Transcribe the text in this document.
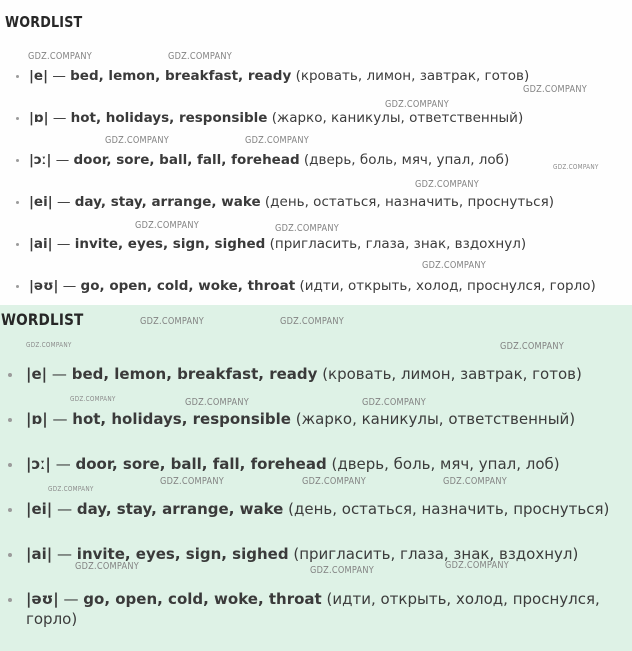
WORDLIST
|e| — bed, lemon, breakfast, ready (кровать, лимон, завтрак, готов)
|ɒ| — hot, holidays, responsible (жарко, каникулы, ответственный)
|ɔː| — door, sore, ball, fall, forehead (дверь, боль, мяч, упал, лоб)
|ei| — day, stay, arrange, wake (день, остаться, назначить, проснуться)
|ai| — invite, eyes, sign, sighed (пригласить, глаза, знак, вздохнул)
|əʊ| — go, open, cold, woke, throat (идти, открыть, холод, проснулся, горло)
WORDLIST
|e| — bed, lemon, breakfast, ready (кровать, лимон, завтрак, готов)
|ɒ| — hot, holidays, responsible (жарко, каникулы, ответственный)
|ɔː| — door, sore, ball, fall, forehead (дверь, боль, мяч, упал, лоб)
|ei| — day, stay, arrange, wake (день, остаться, назначить, проснуться)
|ai| — invite, eyes, sign, sighed (пригласить, глаза, знак, вздохнул)
|əʊ| — go, open, cold, woke, throat (идти, открыть, холод, проснулся, горло)
GDZ.COMPANY	GDZ.COMPANY
GDZ.COMPANY
GDZ.COMPANY
GDZ.COMPANY	GDZ.COMPANY
GDZ.COMPANY
GDZ.COMPANY
GDZ.COMPANY	GDZ.COMPANY
GDZ.COMPANY
GDZ.COMPANY	GDZ.COMPANY
GDZ.COMPANY	GDZ.COMPANY
GDZ.COMPANY	GDZ.COMPANY	GDZ.COMPANY
GDZ.COMPANY
GDZ.COMPANY	GDZ.COMPANY	GDZ.COMPANY
GDZ.COMPANY	GDZ.COMPANY	GDZ.COMPANY
